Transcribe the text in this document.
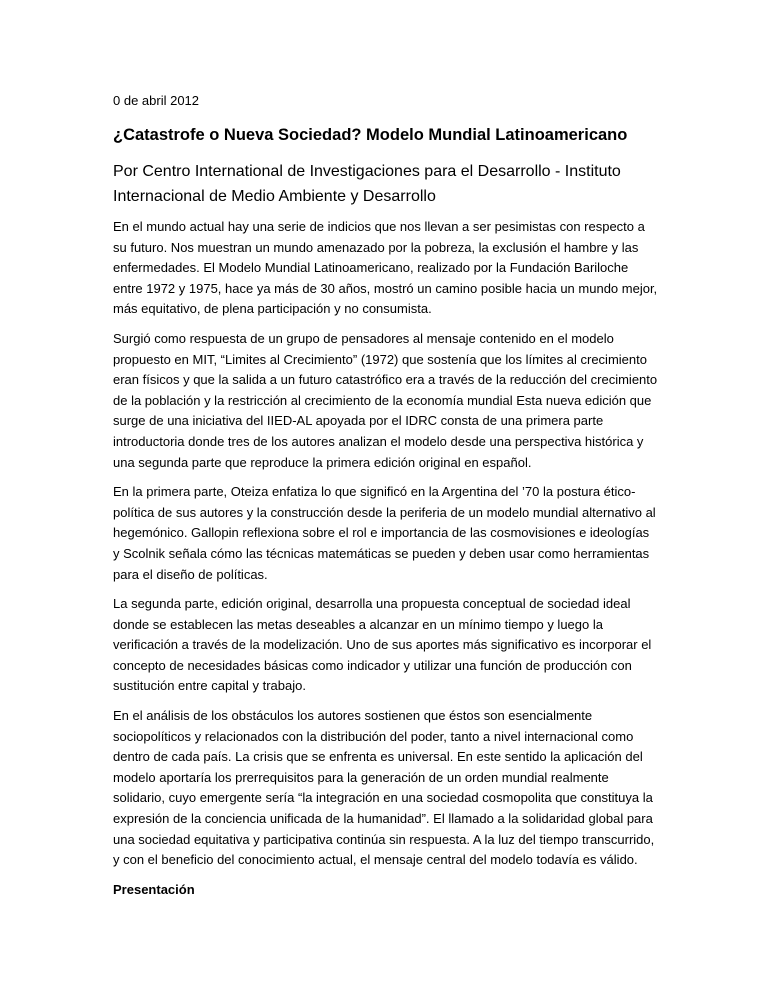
0 de abril 2012

¿Catastrofe o Nueva Sociedad? Modelo Mundial Latinoamericano

Por Centro International de Investigaciones para el Desarrollo - Instituto Internacional de Medio Ambiente y Desarrollo

En el mundo actual hay una serie de indicios que nos llevan a ser pesimistas con respecto a su futuro. Nos muestran un mundo amenazado por la pobreza, la exclusión el hambre y las enfermedades. El Modelo Mundial Latinoamericano, realizado por la Fundación Bariloche entre 1972 y 1975, hace ya más de 30 años, mostró un camino posible hacia un mundo mejor, más equitativo, de plena participación y no consumista.

Surgió como respuesta de un grupo de pensadores al mensaje contenido en el modelo propuesto en MIT, “Limites al Crecimiento” (1972) que sostenía que los límites al crecimiento eran físicos y que la salida a un futuro catastrófico era a través de la reducción del crecimiento de la población y la restricción al crecimiento de la economía mundial Esta nueva edición que surge de una iniciativa del IIED-AL apoyada por el IDRC consta de una primera parte introductoria donde tres de los autores analizan el modelo desde una perspectiva histórica y una segunda parte que reproduce la primera edición original en español.

En la primera parte, Oteiza enfatiza lo que significó en la Argentina del ’70 la postura ético-política de sus autores y la construcción desde la periferia de un modelo mundial alternativo al hegemónico. Gallopin reflexiona sobre el rol e importancia de las cosmovisiones e ideologías y Scolnik señala cómo las técnicas matemáticas se pueden y deben usar como herramientas para el diseño de políticas.

La segunda parte, edición original, desarrolla una propuesta conceptual de sociedad ideal donde se establecen las metas deseables a alcanzar en un mínimo tiempo y luego la verificación a través de la modelización. Uno de sus aportes más significativo es incorporar el concepto de necesidades básicas como indicador y utilizar una función de producción con sustitución entre capital y trabajo.

En el análisis de los obstáculos los autores sostienen que éstos son esencialmente sociopolíticos y relacionados con la distribución del poder, tanto a nivel internacional como dentro de cada país. La crisis que se enfrenta es universal. En este sentido la aplicación del modelo aportaría los prerrequisitos para la generación de un orden mundial realmente solidario, cuyo emergente sería “la integración en una sociedad cosmopolita que constituya la expresión de la conciencia unificada de la humanidad”. El llamado a la solidaridad global para una sociedad equitativa y participativa continúa sin respuesta. A la luz del tiempo transcurrido, y con el beneficio del conocimiento actual, el mensaje central del modelo todavía es válido.

Presentación
